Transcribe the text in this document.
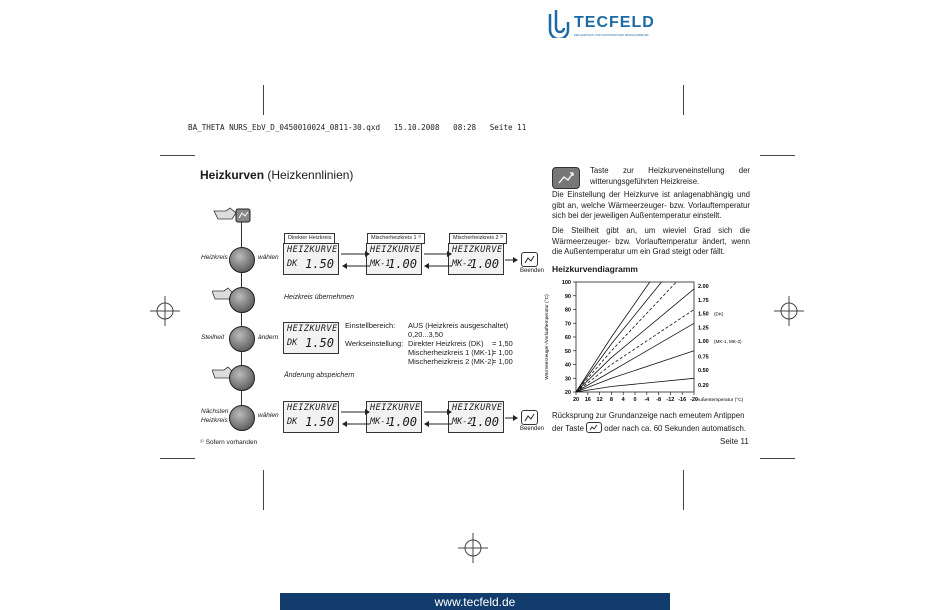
TECFELD
DER HEIZUNGS- UND SANITÄRTECHNIK SPEZIALANBIETER
BA_THETA NURS_EbV_D_0450010024_0811-30.qxd   15.10.2008   08:28   Seite 11
Heizkurven (Heizkennlinien)
Heizkreis	wählen
Direkter Heizkreis	Mischerheizkreis 1 ¹⁾	Mischerheizkreis 2 ¹⁾
HEIZKURVE
DK 1.50
HEIZKURVE
MK-1
1.00
HEIZKURVE
MK-2
1.00	Beenden
Heizkreis übernehmen
Steilheit	ändern
HEIZKURVE
DK 1.50
Einstellbereich: AUS (Heizkreis ausgeschaltet)
0,20...3,50
Werkseinstellung: Direkter Heizkreis (DK) = 1,50
Mischerheizkreis 1 (MK-1)
= 1,00
Mischerheizkreis 2 (MK-2)
= 1,00
Änderung abspeichern
Nächsten
Heizkreis
wählen
HEIZKURVE
DK 1.50
HEIZKURVE
MK-1
1.00
HEIZKURVE
MK-2
1.00	Beenden
¹⁾ Sofern vorhanden
Taste zur Heizkurveneinstellung der witterungsgeführten Heizkreise.
Die Einstellung der Heizkurve ist anlagenabhängig und gibt an, welche Wärmeerzeuger- bzw. Vorlauftemperatur sich bei der jeweiligen Außentemperatur einstellt.
Die Steilheit gibt an, um wieviel Grad sich die Wärmeerzeuger- bzw. Vorlauftemperatur ändert, wenn die Außentemperatur um ein Grad steigt oder fällt.
Heizkurvendiagramm
20
30
40
50
60
70
80
90
100
20 16 12 8 4 0 -4 -8 -12 -16 -20
2.00
1.75
1.50 (DK)
1.25
1.00 (MK-1, MK-2)
0.75
0.50
0.20
Außentemperatur (°C)
Wärmeerzeuger-/Vorlauftemperatur (°C)
Rücksprung zur Grundanzeige nach erneutem Antippen
der Taste	oder nach ca. 60 Sekunden automatisch.
Seite 11
www.tecfeld.de
